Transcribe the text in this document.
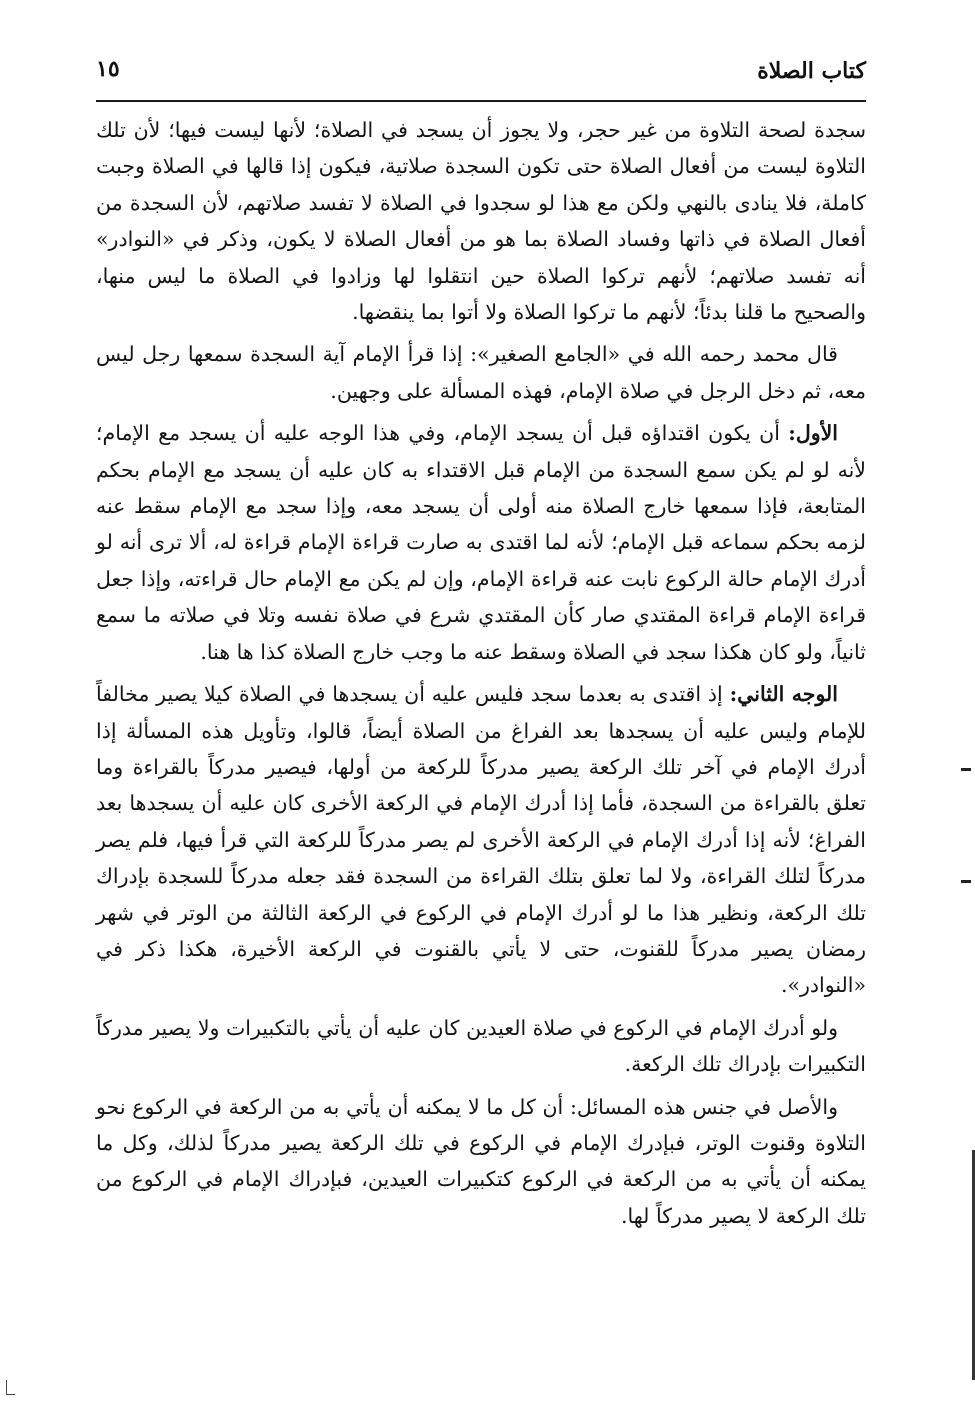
كتاب الصلاة
١٥

سجدة لصحة التلاوة من غير حجر، ولا يجوز أن يسجد في الصلاة؛ لأنها ليست فيها؛ لأن تلك التلاوة ليست من أفعال الصلاة حتى تكون السجدة صلاتية، فيكون إذا قالها في الصلاة وجبت كاملة، فلا ينادى بالنهي ولكن مع هذا لو سجدوا في الصلاة لا تفسد صلاتهم، لأن السجدة من أفعال الصلاة في ذاتها وفساد الصلاة بما هو من أفعال الصلاة لا يكون، وذكر في «النوادر» أنه تفسد صلاتهم؛ لأنهم تركوا الصلاة حين انتقلوا لها وزادوا في الصلاة ما ليس منها، والصحيح ما قلنا بدئاً؛ لأنهم ما تركوا الصلاة ولا أتوا بما ينقضها.

قال محمد رحمه الله في «الجامع الصغير»: إذا قرأ الإمام آية السجدة سمعها رجل ليس معه، ثم دخل الرجل في صلاة الإمام، فهذه المسألة على وجهين.

الأول: أن يكون اقتداؤه قبل أن يسجد الإمام، وفي هذا الوجه عليه أن يسجد مع الإمام؛ لأنه لو لم يكن سمع السجدة من الإمام قبل الاقتداء به كان عليه أن يسجد مع الإمام بحكم المتابعة، فإذا سمعها خارج الصلاة منه أولى أن يسجد معه، وإذا سجد مع الإمام سقط عنه لزمه بحكم سماعه قبل الإمام؛ لأنه لما اقتدى به صارت قراءة الإمام قراءة له، ألا ترى أنه لو أدرك الإمام حالة الركوع نابت عنه قراءة الإمام، وإن لم يكن مع الإمام حال قراءته، وإذا جعل قراءة الإمام قراءة المقتدي صار كأن المقتدي شرع في صلاة نفسه وتلا في صلاته ما سمع ثانياً، ولو كان هكذا سجد في الصلاة وسقط عنه ما وجب خارج الصلاة كذا ها هنا.

الوجه الثاني: إذ اقتدى به بعدما سجد فليس عليه أن يسجدها في الصلاة كيلا يصير مخالفاً للإمام وليس عليه أن يسجدها بعد الفراغ من الصلاة أيضاً، قالوا، وتأويل هذه المسألة إذا أدرك الإمام في آخر تلك الركعة يصير مدركاً للركعة من أولها، فيصير مدركاً بالقراءة وما تعلق بالقراءة من السجدة، فأما إذا أدرك الإمام في الركعة الأخرى كان عليه أن يسجدها بعد الفراغ؛ لأنه إذا أدرك الإمام في الركعة الأخرى لم يصر مدركاً للركعة التي قرأ فيها، فلم يصر مدركاً لتلك القراءة، ولا لما تعلق بتلك القراءة من السجدة فقد جعله مدركاً للسجدة بإدراك تلك الركعة، ونظير هذا ما لو أدرك الإمام في الركوع في الركعة الثالثة من الوتر في شهر رمضان يصير مدركاً للقنوت، حتى لا يأتي بالقنوت في الركعة الأخيرة، هكذا ذكر في «النوادر».

ولو أدرك الإمام في الركوع في صلاة العيدين كان عليه أن يأتي بالتكبيرات ولا يصير مدركاً التكبيرات بإدراك تلك الركعة.

والأصل في جنس هذه المسائل: أن كل ما لا يمكنه أن يأتي به من الركعة في الركوع نحو التلاوة وقنوت الوتر، فبإدرك الإمام في الركوع في تلك الركعة يصير مدركاً لذلك، وكل ما يمكنه أن يأتي به من الركعة في الركوع كتكبيرات العيدين، فبإدراك الإمام في الركوع من تلك الركعة لا يصير مدركاً لها.
